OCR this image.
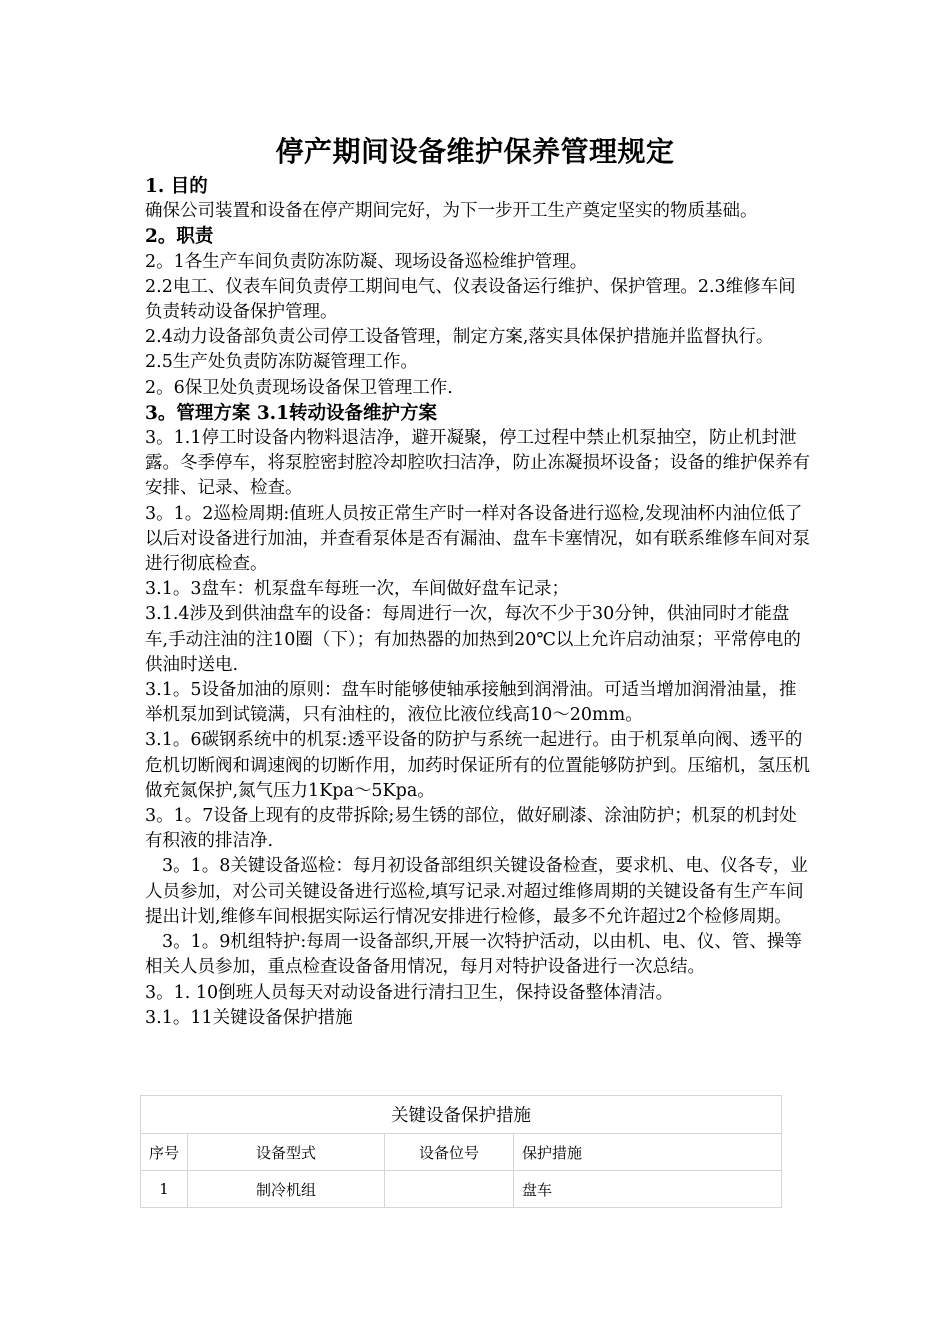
停产期间设备维护保养管理规定

1. 目的

确保公司装置和设备在停产期间完好，为下一步开工生产奠定坚实的物质基础。

2。职责

2。1各生产车间负责防冻防凝、现场设备巡检维护管理。

2.2电工、仪表车间负责停工期间电气、仪表设备运行维护、保护管理。2.3维修车间负责转动设备保护管理。

2.4动力设备部负责公司停工设备管理，制定方案,落实具体保护措施并监督执行。

2.5生产处负责防冻防凝管理工作。

2。6保卫处负责现场设备保卫管理工作.

3。管理方案 3.1转动设备维护方案

3。1.1停工时设备内物料退洁净，避开凝聚，停工过程中禁止机泵抽空，防止机封泄露。冬季停车，将泵腔密封腔冷却腔吹扫洁净，防止冻凝损坏设备；设备的维护保养有安排、记录、检查。

3。1。2巡检周期:值班人员按正常生产时一样对各设备进行巡检,发现油杯内油位低了以后对设备进行加油，并查看泵体是否有漏油、盘车卡塞情况，如有联系维修车间对泵进行彻底检查。

3.1。3盘车：机泵盘车每班一次，车间做好盘车记录；

3.1.4涉及到供油盘车的设备：每周进行一次，每次不少于30分钟，供油同时才能盘车,手动注油的注10圈（下）；有加热器的加热到20℃以上允许启动油泵；平常停电的供油时送电.

3.1。5设备加油的原则：盘车时能够使轴承接触到润滑油。可适当增加润滑油量，推举机泵加到试镜满，只有油柱的，液位比液位线高10～20mm。

3.1。6碳钢系统中的机泵:透平设备的防护与系统一起进行。由于机泵单向阀、透平的危机切断阀和调速阀的切断作用，加药时保证所有的位置能够防护到。压缩机，氢压机做充氮保护,氮气压力1Kpa～5Kpa。

3。1。7设备上现有的皮带拆除;易生锈的部位，做好刷漆、涂油防护；机泵的机封处有积液的排洁净.

3。1。8关键设备巡检：每月初设备部组织关键设备检查，要求机、电、仪各专，业人员参加，对公司关键设备进行巡检,填写记录.对超过维修周期的关键设备有生产车间提出计划,维修车间根据实际运行情况安排进行检修，最多不允许超过2个检修周期。

3。1。9机组特护:每周一设备部织,开展一次特护活动，以由机、电、仪、管、操等相关人员参加，重点检查设备备用情况，每月对特护设备进行一次总结。

3。1. 10倒班人员每天对动设备进行清扫卫生，保持设备整体清洁。

3.1。11关键设备保护措施

关键设备保护措施			
序号	设备型式	设备位号	保护措施
1	制冷机组		盘车
